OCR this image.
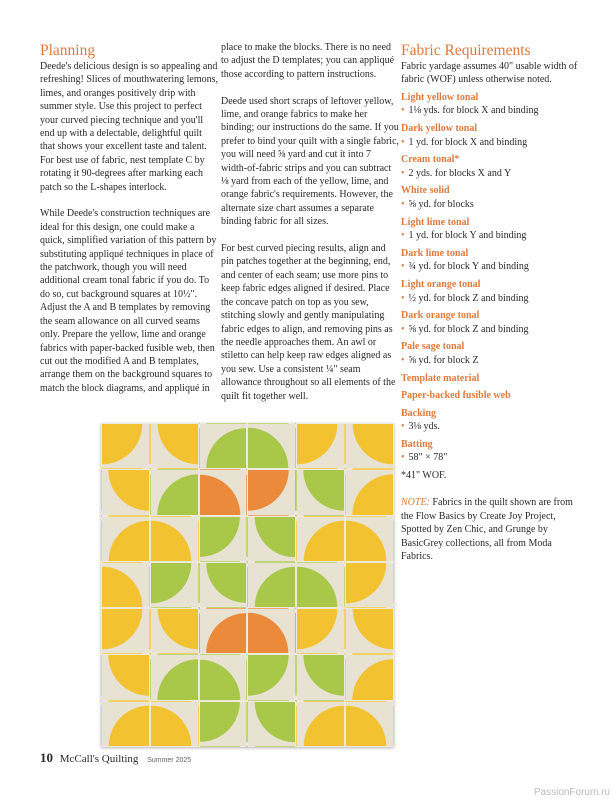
Planning

Deede's delicious design is so appealing and refreshing! Slices of mouthwatering lemons, limes, and oranges positively drip with summer style. Use this project to perfect your curved piecing technique and you'll end up with a delectable, delightful quilt that shows your excellent taste and talent. For best use of fabric, nest template C by rotating it 90-degrees after marking each patch so the L-shapes interlock.

While Deede's construction techniques are ideal for this design, one could make a quick, simplified variation of this pattern by substituting appliqué techniques in place of the patchwork, though you will need additional cream tonal fabric if you do. To do so, cut background squares at 10½". Adjust the A and B templates by removing the seam allowance on all curved seams only. Prepare the yellow, lime and orange fabrics with paper-backed fusible web, then cut out the modified A and B templates, arrange them on the background squares to match the block diagrams, and appliqué in place to make the blocks. There is no need to adjust the D templates; you can appliqué those according to pattern instructions.

Deede used short scraps of leftover yellow, lime, and orange fabrics to make her binding; our instructions do the same. If you prefer to bind your quilt with a single fabric, you will need ⅝ yard and cut it into 7 width-of-fabric strips and you can subtract ⅛ yard from each of the yellow, lime, and orange fabric's requirements. However, the alternate size chart assumes a separate binding fabric for all sizes.

For best curved piecing results, align and pin patches together at the beginning, end, and center of each seam; use more pins to keep fabric edges aligned if desired. Place the concave patch on top as you sew, stitching slowly and gently manipulating fabric edges to align, and removing pins as the needle approaches them. An awl or stiletto can help keep raw edges aligned as you sew. Use a consistent ¼" seam allowance throughout so all elements of the quilt fit together well.

Fabric Requirements
Fabric yardage assumes 40" usable width of fabric (WOF) unless otherwise noted.
Light yellow tonal
• 1⅛ yds. for block X and binding
Dark yellow tonal
• 1 yd. for block X and binding
Cream tonal*
• 2 yds. for blocks X and Y
White solid
• ⅝ yd. for blocks
Light lime tonal
• 1 yd. for block Y and binding
Dark lime tonal
• ¾ yd. for block Y and binding
Light orange tonal
• ½ yd. for block Z and binding
Dark orange tonal
• ⅝ yd. for block Z and binding
Pale sage tonal
• ⅝ yd. for block Z
Template material
Paper-backed fusible web
Backing
• 3⅛ yds.
Batting
• 58" × 78"
*41" WOF.

NOTE: Fabrics in the quilt shown are from the Flow Basics by Create Joy Project, Spotted by Zen Chic, and Grunge by BasicGrey collections, all from Moda Fabrics.

10 McCall's Quilting Summer 2025
PassionForum.ru
